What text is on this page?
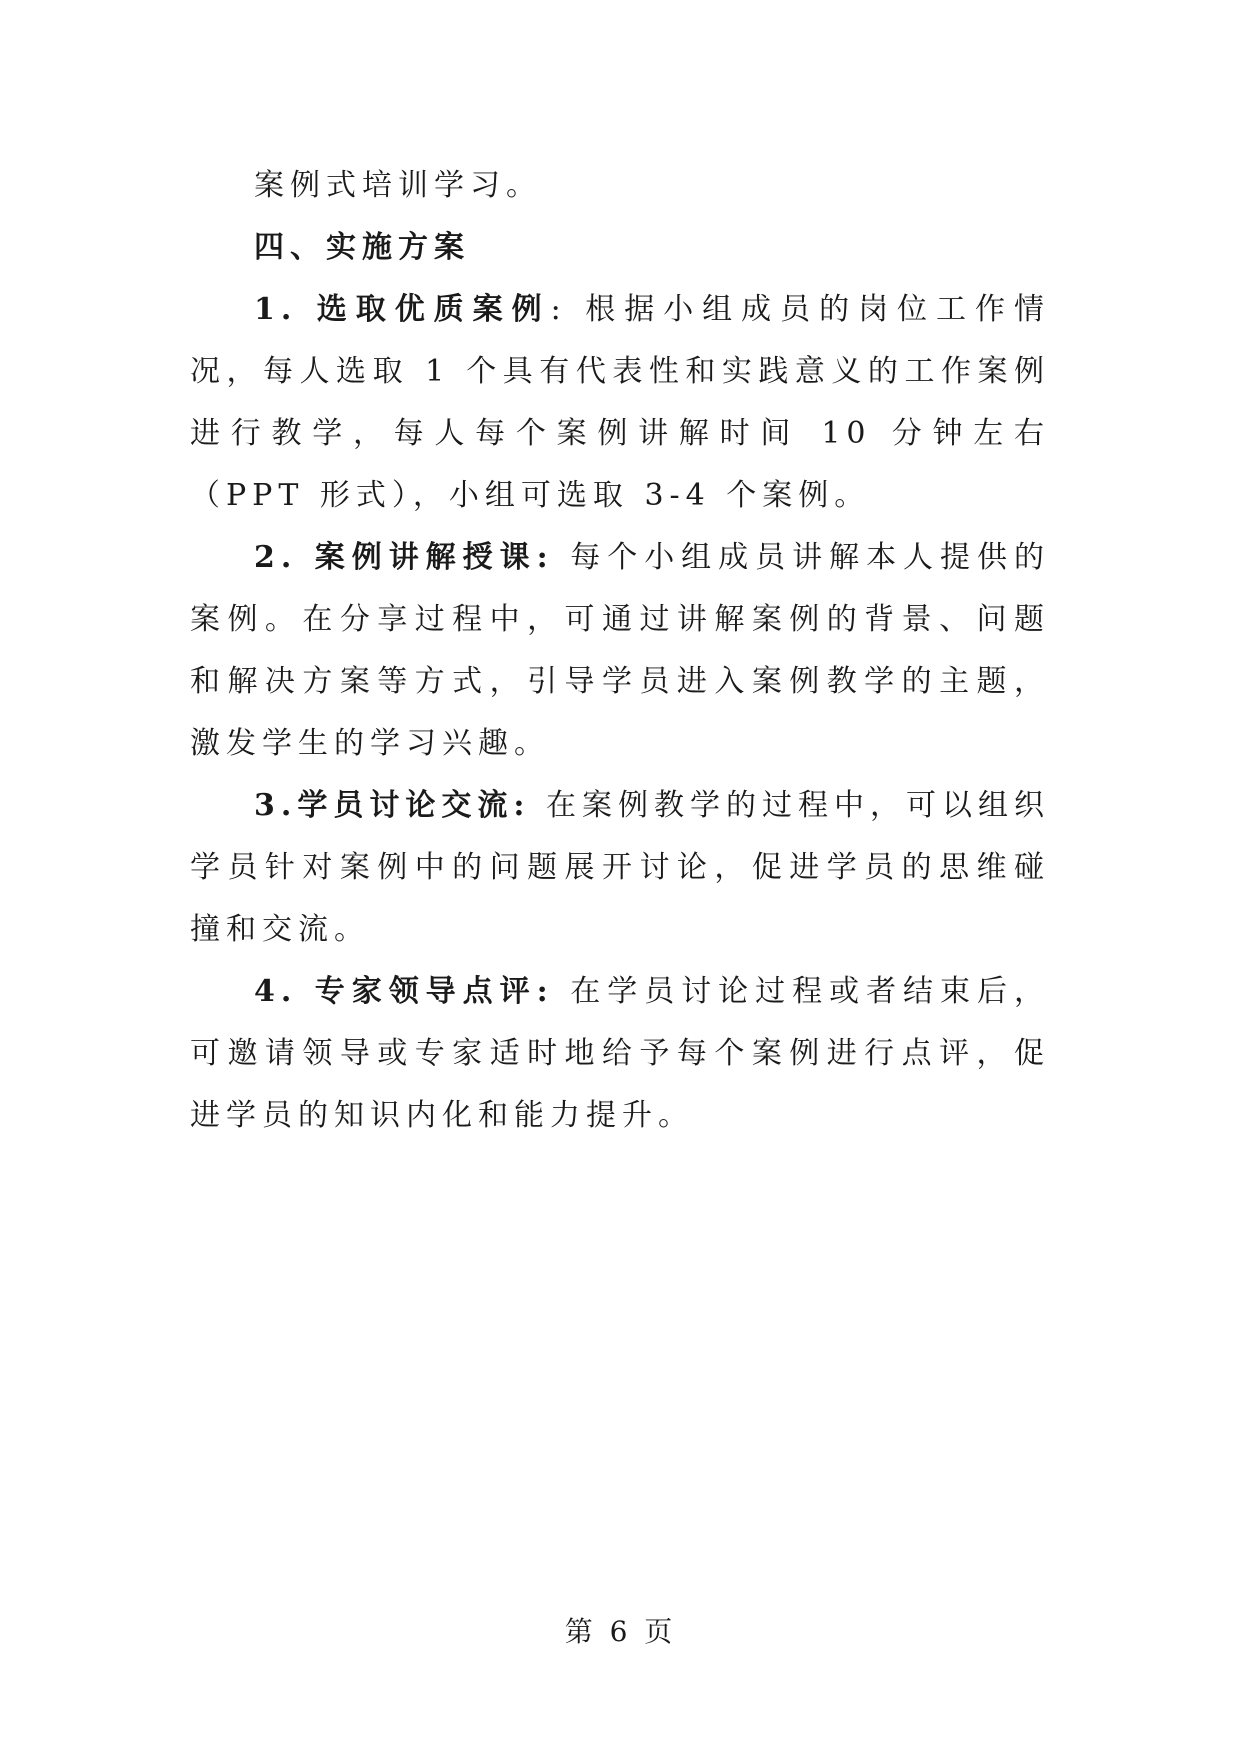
案例式培训学习。

四、实施方案

1. 选取优质案例: 根据小组成员的岗位工作情况，每人选取 1 个具有代表性和实践意义的工作案例进行教学，每人每个案例讲解时间 10 分钟左右（PPT 形式），小组可选取 3-4 个案例。

2. 案例讲解授课: 每个小组成员讲解本人提供的案例。在分享过程中，可通过讲解案例的背景、问题和解决方案等方式，引导学员进入案例教学的主题，激发学生的学习兴趣。

3.学员讨论交流: 在案例教学的过程中，可以组织学员针对案例中的问题展开讨论，促进学员的思维碰撞和交流。

4. 专家领导点评: 在学员讨论过程或者结束后，可邀请领导或专家适时地给予每个案例进行点评，促进学员的知识内化和能力提升。

第 6 页
